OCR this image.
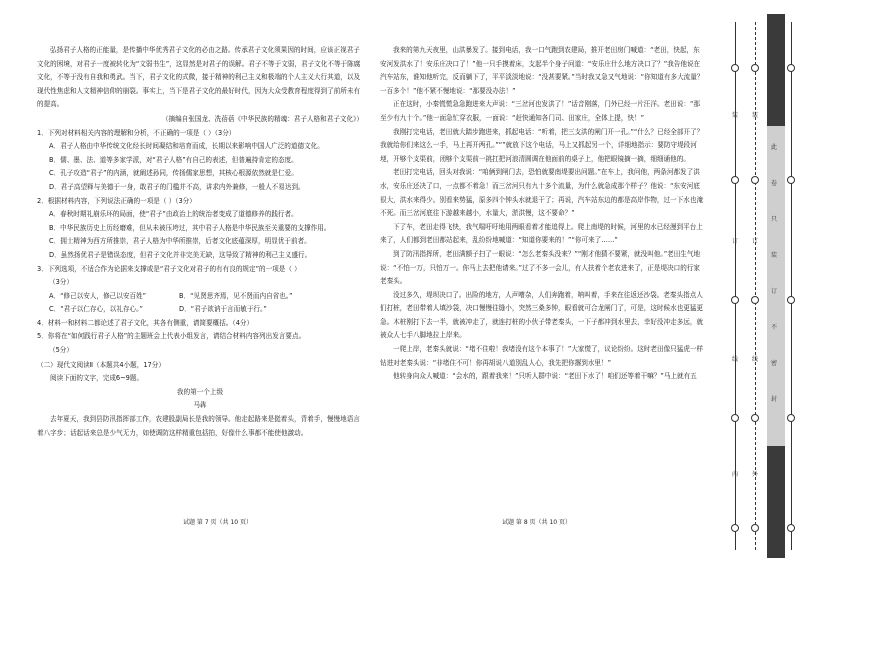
弘扬君子人格的正能量，是传播中华优秀君子文化的必由之路。传承君子文化须果因的时间，应该正视君子文化的困境，对君子一度被转化为“文弱书生”，这显然是对君子的误解。君子不等于文弱，君子文化不等于陈腐文化，不等于没有自我和勇武。当下，君子文化的式微，接于精神的利己主义和极端的个人主义大行其道，以及现代性焦虑和人文精神信仰的崩裂。事实上，当下是君子文化的最好时代，因为大众受教育程度得到了前所未有的提高。

（摘编自张国龙、冼蓓蓓《中华民族的精魂：君子人格和君子文化》）

1．下列对材料相关内容的理解和分析，不正确的一项是（ ）（3分）

A．君子人格由中华传统文化经长时间凝结和培育而成，长期以来影响中国人广泛的道德文化。

B．儒、墨、法、道等多家学派，对“君子人格”有自己的表述，但普遍持肯定的态度。

C．孔子攻造“君子”的内涵，就阐述孙同，传扬儒家思想，其核心根源依然就是仁爱。

D．君子高望释与美德于一身，敢君子的门槛并不高，讲求内外兼修，一般人不易达到。

2．根据材料内容，下列说法正确的一项是（ ）（3分）

A．春秋时期礼崩乐坏的局面，使“君子”由政治上的统治者变成了道德修养的践行者。

B．中华民族历史上历经磨难，但从未被压垮过，其中君子人格是中华民族至关重要的支撑作用。

C．拥士精神为西方所推崇，君子人格为中华所推崇，后者文化底蕴深厚，明显优于前者。

D．虽然扬优君子是错误态度，但君子文化并非完美无缺，这导致了精神的利己主义盛行。

3．下列选项，不适合作为论据来支撑或是“君子文化对君子的有有良的规定”的一项是（ ）

（3分）

A．“修己以安人，修己以安百姓”	B．“见贤思齐焉，见不贤而内自省也。”

C．“君子以仁存心，以礼存心。”	D．“君子欲讷于言而敏于行。”

4．材料一和材料二都论述了君子文化，其各有侧重，请简要概括。（4分）

5．你将在“如何践行君子人格”的主题班会上代表小组发言，请结合材料内容列出发言要点。

（5分）

（二）现代文阅读Ⅱ（本题共4小题，17分）

阅读下面的文字，完成6~9题。

我的第一个上级

马犇

去年夏天，我到县防汛指挥部工作，农建股副局长是我的领导。他走起路来是挺着头，背着手，慢慢地语言着八字步；话起话来总是少气无力，如使调防这样精重包括拍，好像什么事都不能使他激动。

试题 第 7 页（共 10 页）

我来的第九天夜里，山洪暴发了。接到电话，我一口气跑到农建局，推开老田房门喊道：“老田，快起，东安河发洪水了！安乐庄决口了！”他一只手摸着床，支起半个身子问道：“安乐庄什么地方决口了？”我告他说在汽车站东，谁知他听完，反而躺下了，平平淡淡地说：“没甚要紧。”当时我又急又气地说：“你知道有多大流量？一百多个！”他不紧不慢地说：“那要没办法！”

正在这时，小秦慌慌急急跑进来大声说：“三岔河也发洪了！”话音刚落，门外已经一片汪洋。老田说：“那至少有九十个。”他一面急忙穿衣服，一面说：“赶快通知各门司、田家庄，全体上提，快！”

我刚打完电话，老田就大踏步跑进来，抓起电话：“听着，把三支洪的闸门开一孔。”“什么？已经全部开了？我就给你们来这么一手，马上再开两孔。”“”就放下这个电话，马上又抓起另一个，详细地指示：要防守堤段河埂，开够个支渠前，闭够个支渠前一挑扛把河浪清圆调在他面前的桌子上，他把眼镜摘一摘，细细诵他的。

老田打完电话，回头对我说：“咱俩到闸门去，恐怕就要南堤要出问题。”在车上，我问他，两条河都发了洪水，安乐庄还决了口，一点都不着急！而三岔河只有九十多个流量，为什么就急成那个样子？他说：“东安河底很大，洪水来得少。别看来势猛，原多四个钟头水就退干了；再说，汽车站东边的都是高岸作物，过一下水也淹不死。而三岔河底往下游越来越小，水量大，淤洪慢，这不要命？”

下了车，老田走得飞快，我气喘吁吁地用两眼看着才能追得上。爬上南堤的时候，河里的水已经漫到平台上来了，人们都到老田都站起来，乱纷纷地喊道：“知道你要来的！”“你可来了……”

到了防汛指挥所，老田满额子扫了一眼说：“怎么老秦头没来？”“刚才他猜不要紧，就没叫他。”老田生气地说：“不怕一万，只怕万一。你马上去把他请来。”过了不多一会儿，有人扶着个老农进来了，正是堤决口的行家老秦头。

没过多久，堤坝决口了。出险的地方，人声嘈杂，人们奔跑着，呐叫着，手来在往返还沙袋。老秦头指点人们打桩，老田带着人填沙袋，决口慢慢往缝小，突然三桑多钟，眼看就可合龙闸门了，可是，这时候水也更猛更急。木桩刚打下去一半，就被冲走了，就连打桩的小伙子带老秦头，一下子都冲到水里去，幸好没冲走多远，就被众人七手八脚地拉上岸来。

一爬上岸，老秦头就说：“堵不住啦！我堵没有这个本事了！”大家慌了，议论纷纷。这时老田像只猛虎一样钻进对老秦头说：“非堵住不可！你再胡说八道别乱人心，我先把你撂到水里！”

他转身向众人喊道：“会水的，跟着我来！”只听人群中说：“老田下水了！咱们还等着干嘛？”马上就有五

试题 第 8 页（共 10 页）
装
订
线
内
装
订
线
外
此
卷
只
装
订
不
密
封
